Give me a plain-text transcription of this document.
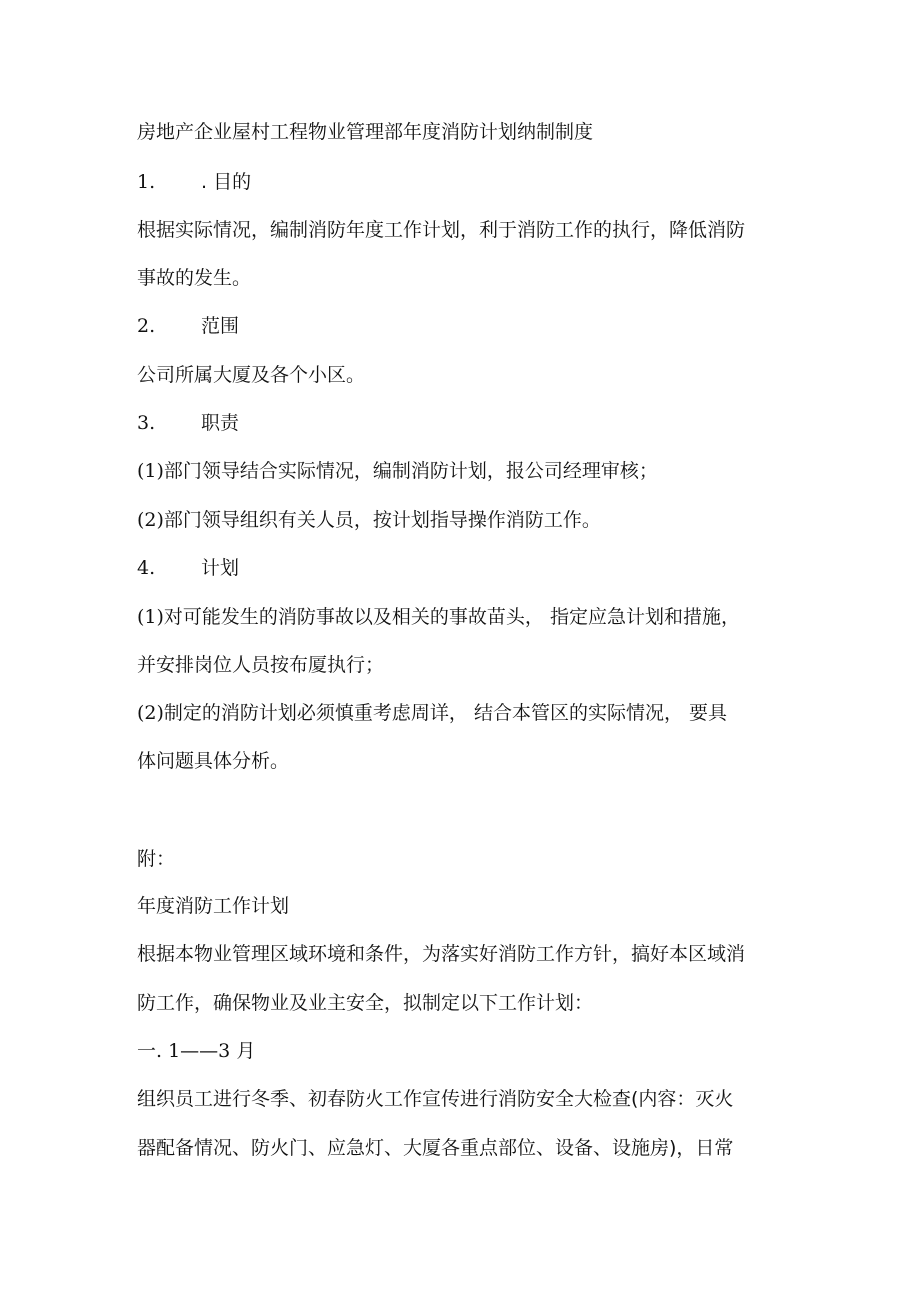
房地产企业屋村工程物业管理部年度消防计划纳制制度

1. . 目的

根据实际情况，编制消防年度工作计划，利于消防工作的执行，降低消防

事故的发生。

2. 范围

公司所属大厦及各个小区。

3. 职责

(1)部门领导结合实际情况，编制消防计划，报公司经理审核；

(2)部门领导组织有关人员，按计划指导操作消防工作。

4. 计划

(1)对可能发生的消防事故以及相关的事故苗头， 指定应急计划和措施，

并安排岗位人员按布厦执行；

(2)制定的消防计划必须慎重考虑周详， 结合本管区的实际情况， 要具

体问题具体分析。

附：

年度消防工作计划

根据本物业管理区域环境和条件，为落实好消防工作方针，搞好本区域消

防工作，确保物业及业主安全，拟制定以下工作计划：

一. 1——3 月

组织员工进行冬季、初春防火工作宣传进行消防安全大检查(内容：灭火

器配备情况、防火门、应急灯、大厦各重点部位、设备、设施房)，日常
